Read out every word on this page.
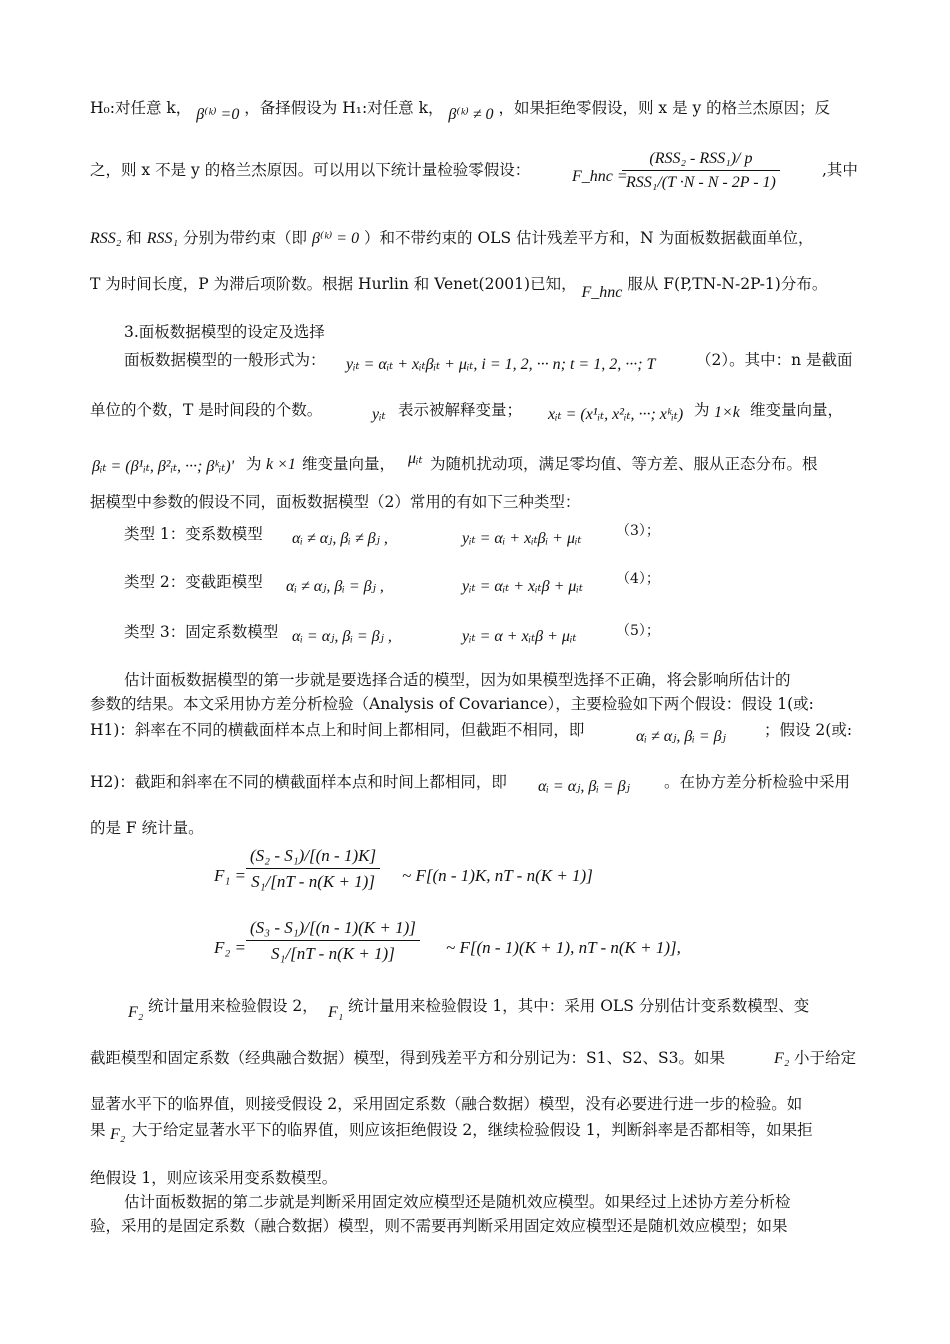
H₀:对任意 k， β⁽ᵏ⁾ =0 ，备择假设为 H₁:对任意 k， β⁽ᵏ⁾ ≠ 0 ，如果拒绝零假设，则 x 是 y 的格兰杰原因；反
之，则 x 不是 y 的格兰杰原因。可以用以下统计量检验零假设：	F_hnc =
$\frac{\text{(RSS₂ - RSS₁)/ p}}{\text{RSS₁/(T ·N - N - 2P - 1)}}$	,其中
RSS₂ 和 RSS₁ 分别为带约束（即 β⁽ᵏ⁾ = 0 ）和不带约束的 OLS 估计残差平方和，N 为面板数据截面单位，
T 为时间长度，P 为滞后项阶数。根据 Hurlin 和 Venet(2001)已知， F_hnc 服从 F(P,TN-N-2P-1)分布。
3.面板数据模型的设定及选择
面板数据模型的一般形式为： yᵢₜ = αᵢₜ + xᵢₜβᵢₜ + μᵢₜ, i = 1, 2, ··· n; t = 1, 2, ···; T	（2）。其中：n 是截面
单位的个数，T 是时间段的个数。	yᵢₜ 表示被解释变量； xᵢₜ = (x¹ᵢₜ, x²ᵢₜ, ···; xᵏᵢₜ) 为 1×k 维变量向量，
βᵢₜ = (β¹ᵢₜ, β²ᵢₜ, ···; βᵏᵢₜ)' 为 k ×1 维变量向量， μᵢₜ 为随机扰动项，满足零均值、等方差、服从正态分布。根
据模型中参数的假设不同，面板数据模型（2）常用的有如下三种类型：
类型 1：变系数模型 αᵢ ≠ αⱼ, βᵢ ≠ βⱼ ,	yᵢₜ = αᵢ + xᵢₜβᵢ + μᵢₜ （3）；
类型 2：变截距模型 αᵢ ≠ αⱼ, βᵢ = βⱼ ,	yᵢₜ = αᵢₜ + xᵢₜβ + μᵢₜ （4）；
类型 3：固定系数模型 αᵢ = αⱼ, βᵢ = βⱼ ,	yᵢₜ = α + xᵢₜβ + μᵢₜ	（5）；
估计面板数据模型的第一步就是要选择合适的模型，因为如果模型选择不正确，将会影响所估计的
参数的结果。本文采用协方差分析检验（Analysis of Covariance），主要检验如下两个假设：假设 1(或:
H1)：斜率在不同的横截面样本点上和时间上都相同，但截距不相同，即	αᵢ ≠ αⱼ, βᵢ = βⱼ ；假设 2(或:
H2)：截距和斜率在不同的横截面样本点和时间上都相同，即 αᵢ = αⱼ, βᵢ = βⱼ 。在协方差分析检验中采用
的是 F 统计量。
$F_1 = \frac{\text{(S₂ - S₁)/[(n - 1)K]}}{\text{S₁/[nT - n(K + 1)]}}$ ~ F[(n - 1)K, nT - n(K + 1)]
$F_2 = \frac{\text{(S₃ - S₁)/[(n - 1)(K + 1)]}}{\text{S₁/[nT - n(K + 1)]}}$ ~ F[(n - 1)(K + 1), nT - n(K + 1)],
F₂ 统计量用来检验假设 2， F₁ 统计量用来检验假设 1，其中：采用 OLS 分别估计变系数模型、变
截距模型和固定系数（经典融合数据）模型，得到残差平方和分别记为：S1、S2、S3。如果	F₂ 小于给定
显著水平下的临界值，则接受假设 2，采用固定系数（融合数据）模型，没有必要进行进一步的检验。如
果 F₂ 大于给定显著水平下的临界值，则应该拒绝假设 2，继续检验假设 1，判断斜率是否都相等，如果拒
绝假设 1，则应该采用变系数模型。
估计面板数据的第二步就是判断采用固定效应模型还是随机效应模型。如果经过上述协方差分析检
验，采用的是固定系数（融合数据）模型，则不需要再判断采用固定效应模型还是随机效应模型；如果
